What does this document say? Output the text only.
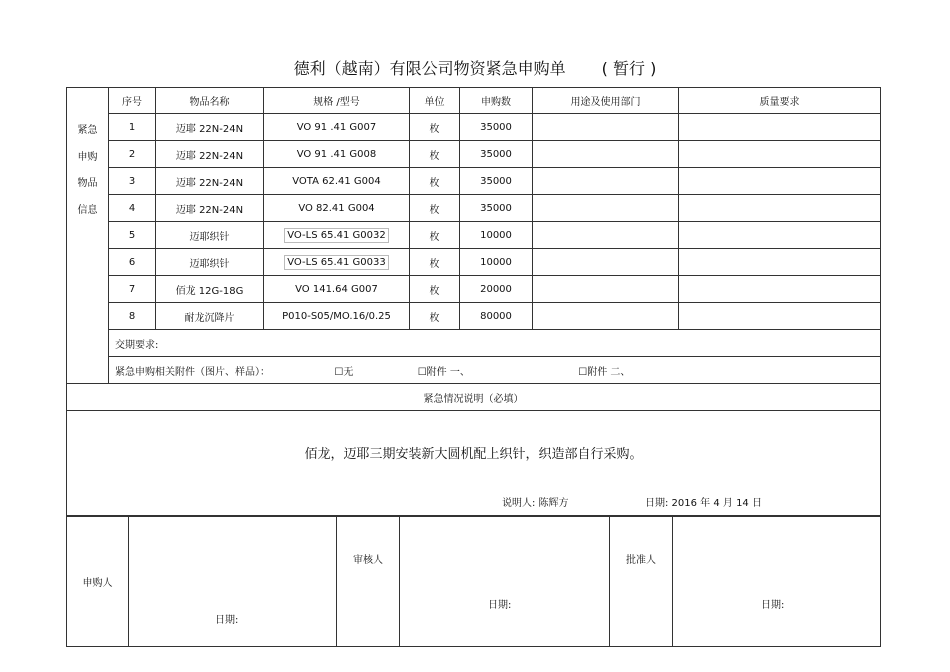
德利（越南）有限公司物资紧急申购单 ( 暂行 )
紧急
申购
物品
信息	序号	物品名称	规格 /型号	单位	申购数	用途及使用部门	质量要求
	1	迈耶 22N-24N	VO 91 .41 G007	枚	35000		
	2	迈耶 22N-24N	VO 91 .41 G008	枚	35000		
	3	迈耶 22N-24N	VOTA 62.41 G004	枚	35000		
	4	迈耶 22N-24N	VO 82.41 G004	枚	35000		
	5	迈耶织针	VO-LS 65.41 G0032	枚	10000		
	6	迈耶织针	VO-LS 65.41 G0033	枚	10000		
	7	佰龙 12G-18G	VO 141.64 G007	枚	20000		
	8	耐龙沉降片	P010-S05/MO.16/0.25	枚	80000		
	交期要求:						
	紧急申购相关附件（图片、样品）： ☐无 ☐附件 一、 ☐附件 二、						
紧急情况说明（必填）							

佰龙，迈耶三期安装新大圆机配上织针，织造部自行采购。
说明人: 陈辉方 日期: 2016 年 4 月 14 日							
申购人	
日期:
	审核人	
日期:
	批准人	
日期:
